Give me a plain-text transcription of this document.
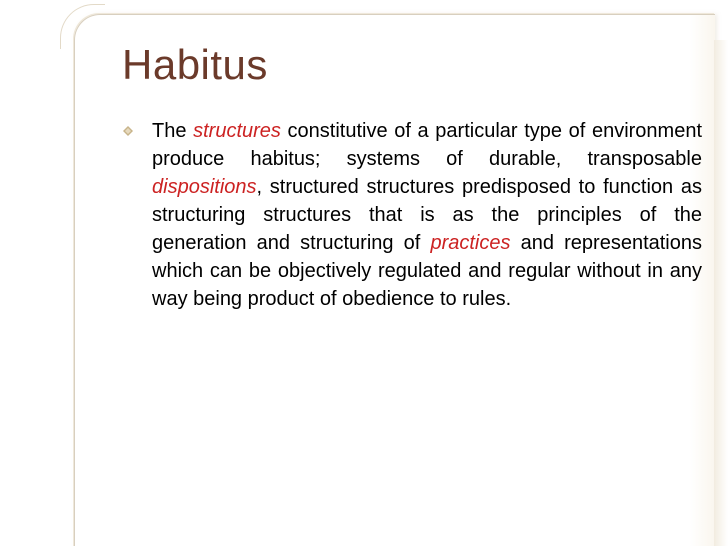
Habitus
The structures constitutive of a particular type of environment produce habitus; systems of durable, transposable dispositions, structured structures predisposed to function as structuring structures that is as the principles of the generation and structuring of practices and representations which can be objectively regulated and regular without in any way being product of obedience to rules.
